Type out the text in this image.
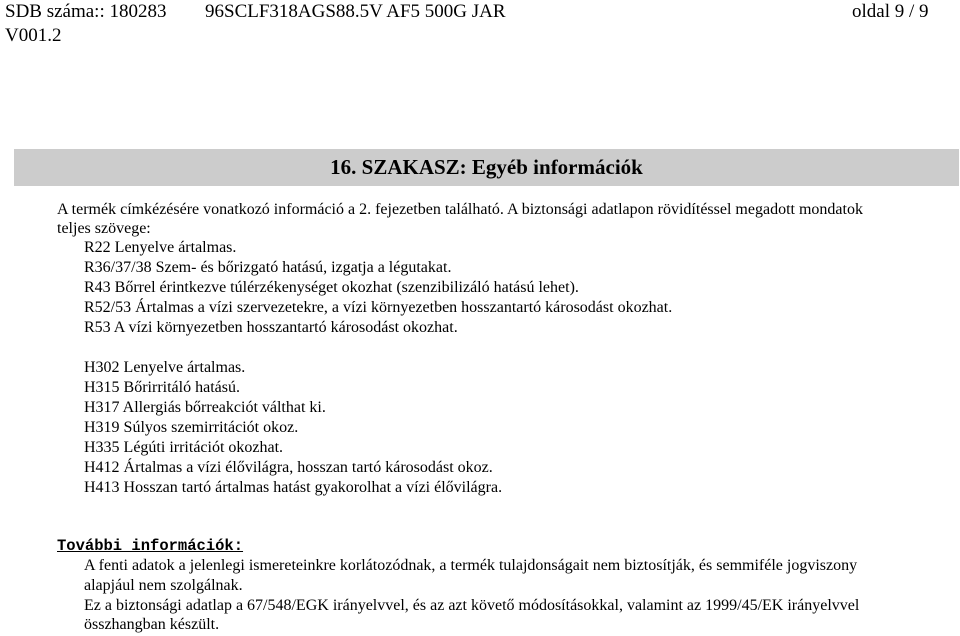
SDB száma:: 180283
V001.2
96SCLF318AGS88.5V AF5 500G JAR	oldal 9 / 9
16. SZAKASZ: Egyéb információk
A termék címkézésére vonatkozó információ a 2. fejezetben található. A biztonsági adatlapon rövidítéssel megadott mondatok
teljes szövege:
R22 Lenyelve ártalmas.
R36/37/38 Szem- és bőrizgató hatású, izgatja a légutakat.
R43 Bőrrel érintkezve túlérzékenységet okozhat (szenzibilizáló hatású lehet).
R52/53 Ártalmas a vízi szervezetekre, a vízi környezetben hosszantartó károsodást okozhat.
R53 A vízi környezetben hosszantartó károsodást okozhat.
H302 Lenyelve ártalmas.
H315 Bőrirritáló hatású.
H317 Allergiás bőrreakciót válthat ki.
H319 Súlyos szemirritációt okoz.
H335 Légúti irritációt okozhat.
H412 Ártalmas a vízi élővilágra, hosszan tartó károsodást okoz.
H413 Hosszan tartó ártalmas hatást gyakorolhat a vízi élővilágra.
További információk:
A fenti adatok a jelenlegi ismereteinkre korlátozódnak, a termék tulajdonságait nem biztosítják, és semmiféle jogviszony
alapjául nem szolgálnak.
Ez a biztonsági adatlap a 67/548/EGK irányelvvel, és az azt követő módosításokkal, valamint az 1999/45/EK irányelvvel
összhangban készült.
